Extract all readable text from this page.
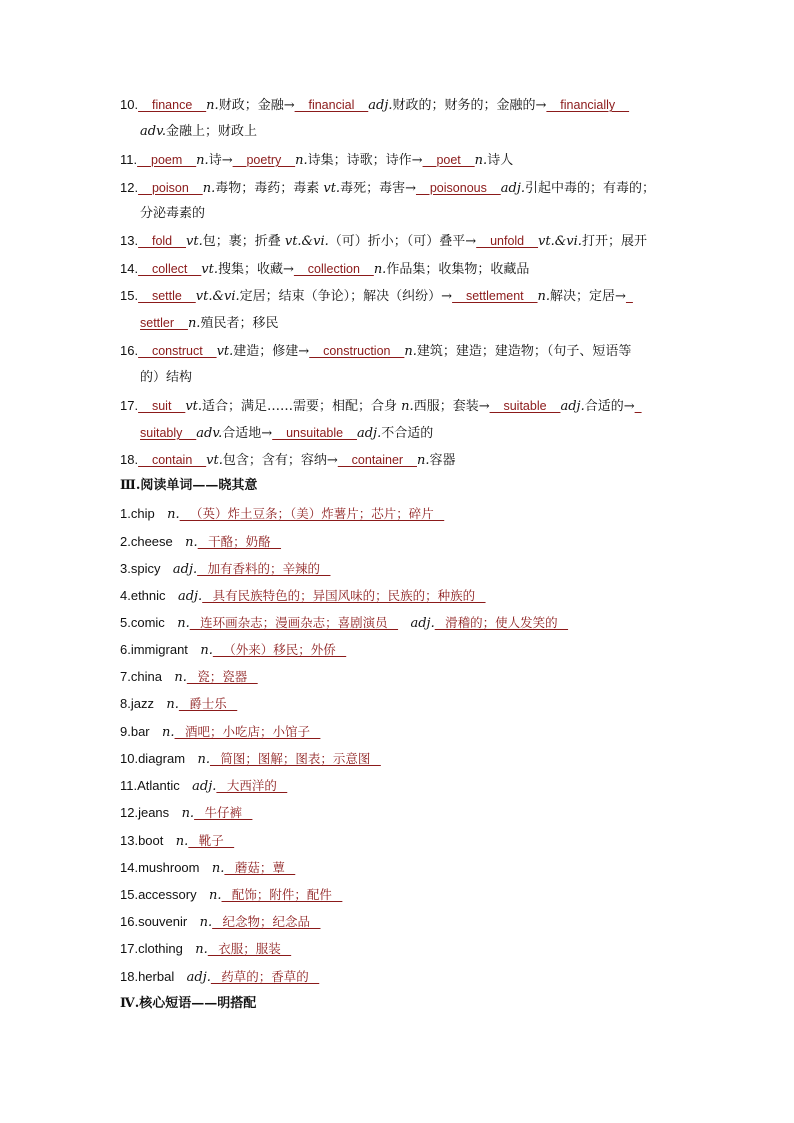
Ⅲ.阅读单词——晓其意
Ⅳ.核心短语——明搭配
10.    finance    n.财政；金融→    financial    adj.财政的；财务的；金融的→    financially
adv.金融上；财政上
11.    poem    n.诗→    poetry    n.诗集；诗歌；诗作→    poet    n.诗人
12.    poison    n.毒物；毒药；毒素 vt.毒死；毒害→    poisonous    adj.引起中毒的；有毒的；
分泌毒素的
13.    fold    vt.包；裹；折叠 vt.&vi.（可）折小；（可）叠平→    unfold    vt.&vi.打开；展开
14.    collect    vt.搜集；收藏→    collection    n.作品集；收集物；收藏品
15.    settle    vt.&vi.定居；结束（争论）；解决（纠纷）→    settlement    n.解决；定居→
settler    n.殖民者；移民
16.    construct    vt.建造；修建→    construction    n.建筑；建造；建造物；（句子、短语等
的）结构
17.    suit    vt.适合；满足……需要；相配；合身 n.西服；套装→    suitable    adj.合适的→
suitably    adv.合适地→    unsuitable    adj.不合适的
18.    contain    vt.包含；含有；容纳→    container    n.容器
1.chip n.   （英）炸土豆条；（美）炸薯片；芯片；碎片
2.cheese n.   干酪；奶酪
3.spicy adj.   加有香料的；辛辣的
4.ethnic adj.   具有民族特色的；异国风味的；民族的；种族的
5.comic n.   连环画杂志；漫画杂志；喜剧演员      adj.   滑稽的；使人发笑的
6.immigrant n.   （外来）移民；外侨
7.china n.   瓷；瓷器
8.jazz n.   爵士乐
9.bar n.   酒吧；小吃店；小馆子
10.diagram n.   简图；图解；图表；示意图
11.Atlantic adj.   大西洋的
12.jeans n.   牛仔裤
13.boot n.   靴子
14.mushroom n.   蘑菇；蕈
15.accessory n.   配饰；附件；配件
16.souvenir n.   纪念物；纪念品
17.clothing n.   衣服；服装
18.herbal adj.   药草的；香草的
